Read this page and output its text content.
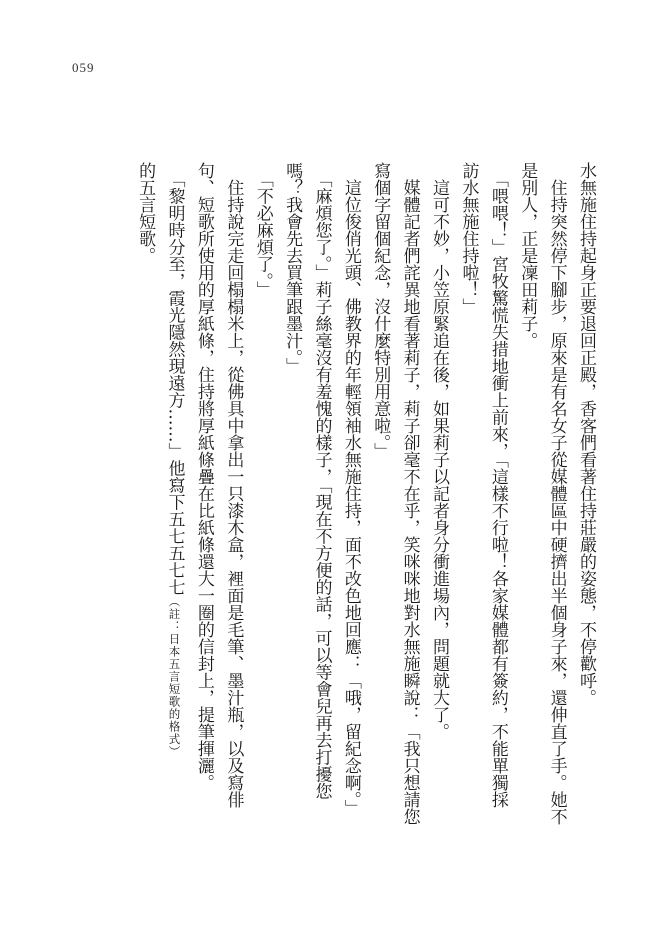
059
水無施住持起身正要退回正殿，香客們看著住持莊嚴的姿態，不停歡呼。
　住持突然停下腳步，原來是有名女子從媒體區中硬擠出半個身子來，還伸直了手。她不
是別人，正是凜田莉子。
　「喂喂！」宮牧驚慌失措地衝上前來，「這樣不行啦！各家媒體都有簽約，不能單獨採
訪水無施住持啦！」
　這可不妙，小笠原緊追在後，如果莉子以記者身分衝進場內，問題就大了。
　媒體記者們詫異地看著莉子，莉子卻毫不在乎，笑咪咪地對水無施瞬說：「我只想請您
寫個字留個紀念，沒什麼特別用意啦。」
　這位俊俏光頭、佛教界的年輕領袖水無施住持，面不改色地回應：「哦，留紀念啊。」
　「麻煩您了。」莉子絲毫沒有羞愧的樣子，「現在不方便的話，可以等會兒再去打擾您
嗎？我會先去買筆跟墨汁。」
　「不必麻煩了。」
　住持說完走回榻榻米上，從佛具中拿出一只漆木盒，裡面是毛筆、墨汁瓶，以及寫俳
句、短歌所使用的厚紙條，住持將厚紙條疊在比紙條還大一圈的信封上，提筆揮灑。
　「黎明時分至，霞光隱然現遠方……」他寫下五七五七七（註：日本五言短歌的格式）
的五言短歌。
